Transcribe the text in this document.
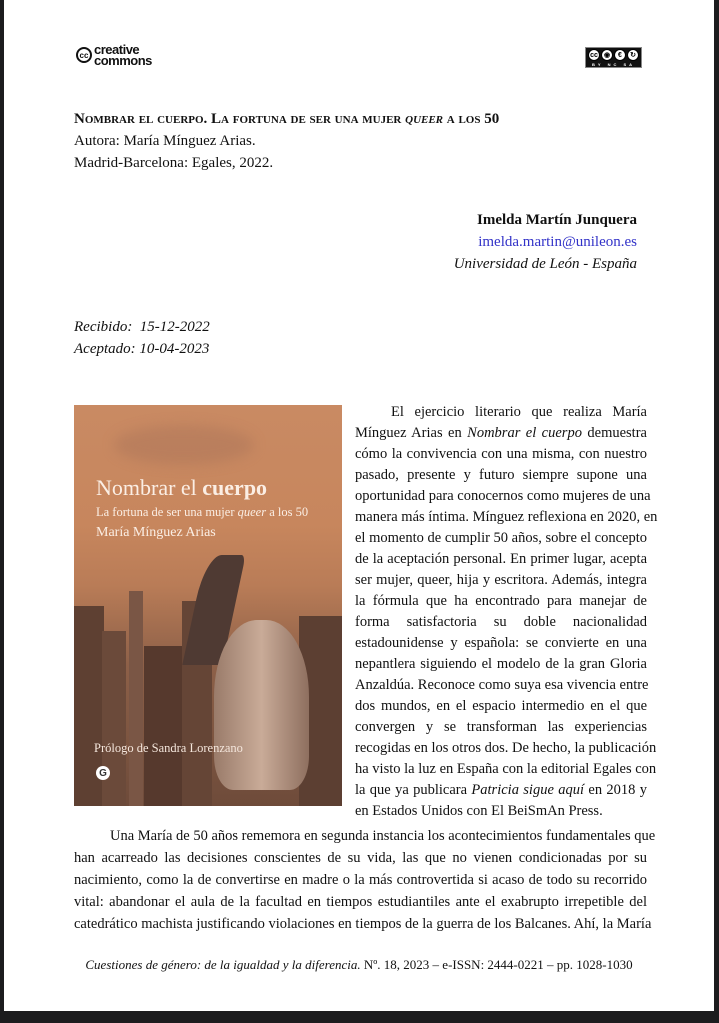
cc creative
commons	cc ◉	€	↻
BY NC SA
Nombrar el cuerpo. La fortuna de ser una mujer queer a los 50
Autora: María Mínguez Arias.
Madrid-Barcelona: Egales, 2022.
Imelda Martín Junquera
imelda.martin@unileon.es
Universidad de León - España
Recibido:  15-12-2022
Aceptado: 10-04-2023
Nombrar el cuerpo
La fortuna de ser una mujer queer a los 50
María Mínguez Arias
Prólogo de Sandra Lorenzano
G
El ejercicio literario que realiza María
Mínguez Arias en Nombrar el cuerpo demuestra
cómo la convivencia con una misma, con nuestro
pasado, presente y futuro siempre supone una
oportunidad para conocernos como mujeres de una
manera más íntima. Mínguez reflexiona en 2020, en
el momento de cumplir 50 años, sobre el concepto
de la aceptación personal. En primer lugar, acepta
ser mujer, queer, hija y escritora. Además, integra
la fórmula que ha encontrado para manejar de
forma satisfactoria su doble nacionalidad
estadounidense y española: se convierte en una
nepantlera siguiendo el modelo de la gran Gloria
Anzaldúa. Reconoce como suya esa vivencia entre
dos mundos, en el espacio intermedio en el que
convergen y se transforman las experiencias
recogidas en los otros dos. De hecho, la publicación
ha visto la luz en España con la editorial Egales con
la que ya publicara Patricia sigue aquí en 2018 y
en Estados Unidos con El BeiSmAn Press.
Una María de 50 años rememora en segunda instancia los acontecimientos fundamentales que
han acarreado las decisiones conscientes de su vida, las que no vienen condicionadas por su
nacimiento, como la de convertirse en madre o la más controvertida si acaso de todo su recorrido
vital: abandonar el aula de la facultad en tiempos estudiantiles ante el exabrupto irrepetible del
catedrático machista justificando violaciones en tiempos de la guerra de los Balcanes. Ahí, la María
Cuestiones de género: de la igualdad y la diferencia. Nº. 18, 2023 – e-ISSN: 2444-0221 – pp. 1028-1030
